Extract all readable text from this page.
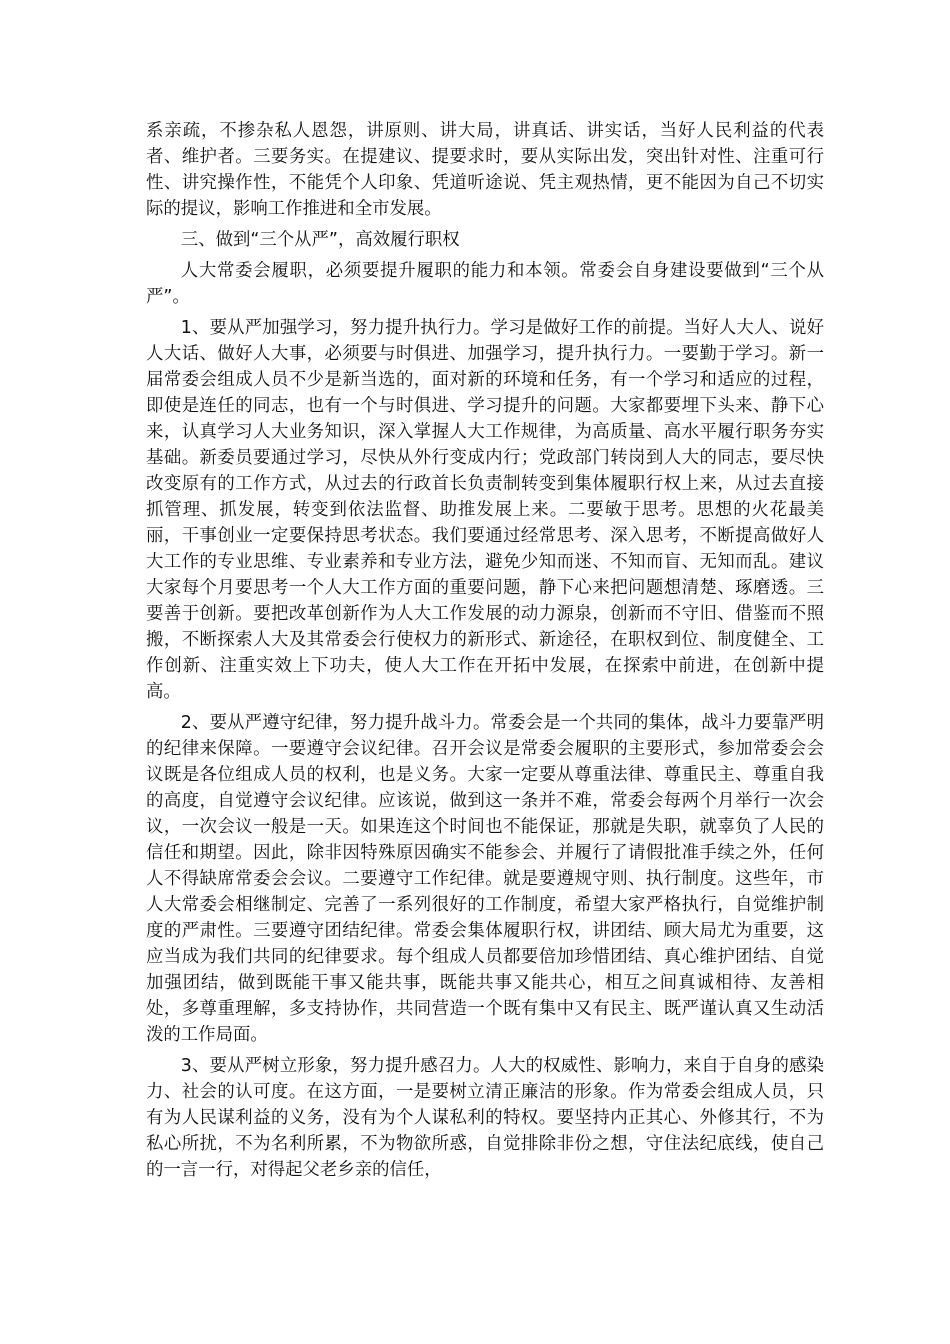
系亲疏，不掺杂私人恩怨，讲原则、讲大局，讲真话、讲实话，当好人民利益的代表者、维护者。三要务实。在提建议、提要求时，要从实际出发，突出针对性、注重可行性、讲究操作性，不能凭个人印象、凭道听途说、凭主观热情，更不能因为自己不切实际的提议，影响工作推进和全市发展。

三、做到“三个从严”，高效履行职权

人大常委会履职，必须要提升履职的能力和本领。常委会自身建设要做到“三个从严”。

1、要从严加强学习，努力提升执行力。学习是做好工作的前提。当好人大人、说好人大话、做好人大事，必须要与时俱进、加强学习，提升执行力。一要勤于学习。新一届常委会组成人员不少是新当选的，面对新的环境和任务，有一个学习和适应的过程，即使是连任的同志，也有一个与时俱进、学习提升的问题。大家都要埋下头来、静下心来，认真学习人大业务知识，深入掌握人大工作规律，为高质量、高水平履行职务夯实基础。新委员要通过学习，尽快从外行变成内行；党政部门转岗到人大的同志，要尽快改变原有的工作方式，从过去的行政首长负责制转变到集体履职行权上来，从过去直接抓管理、抓发展，转变到依法监督、助推发展上来。二要敏于思考。思想的火花最美丽，干事创业一定要保持思考状态。我们要通过经常思考、深入思考，不断提高做好人大工作的专业思维、专业素养和专业方法，避免少知而迷、不知而盲、无知而乱。建议大家每个月要思考一个人大工作方面的重要问题，静下心来把问题想清楚、琢磨透。三要善于创新。要把改革创新作为人大工作发展的动力源泉，创新而不守旧、借鉴而不照搬，不断探索人大及其常委会行使权力的新形式、新途径，在职权到位、制度健全、工作创新、注重实效上下功夫，使人大工作在开拓中发展，在探索中前进，在创新中提高。

2、要从严遵守纪律，努力提升战斗力。常委会是一个共同的集体，战斗力要靠严明的纪律来保障。一要遵守会议纪律。召开会议是常委会履职的主要形式，参加常委会会议既是各位组成人员的权利，也是义务。大家一定要从尊重法律、尊重民主、尊重自我的高度，自觉遵守会议纪律。应该说，做到这一条并不难，常委会每两个月举行一次会议，一次会议一般是一天。如果连这个时间也不能保证，那就是失职，就辜负了人民的信任和期望。因此，除非因特殊原因确实不能参会、并履行了请假批准手续之外，任何人不得缺席常委会会议。二要遵守工作纪律。就是要遵规守则、执行制度。这些年，市人大常委会相继制定、完善了一系列很好的工作制度，希望大家严格执行，自觉维护制度的严肃性。三要遵守团结纪律。常委会集体履职行权，讲团结、顾大局尤为重要，这应当成为我们共同的纪律要求。每个组成人员都要倍加珍惜团结、真心维护团结、自觉加强团结，做到既能干事又能共事，既能共事又能共心，相互之间真诚相待、友善相处，多尊重理解，多支持协作，共同营造一个既有集中又有民主、既严谨认真又生动活泼的工作局面。

3、要从严树立形象，努力提升感召力。人大的权威性、影响力，来自于自身的感染力、社会的认可度。在这方面，一是要树立清正廉洁的形象。作为常委会组成人员，只有为人民谋利益的义务，没有为个人谋私利的特权。要坚持内正其心、外修其行，不为私心所扰，不为名利所累，不为物欲所惑，自觉排除非份之想，守住法纪底线，使自己的一言一行，对得起父老乡亲的信任，
